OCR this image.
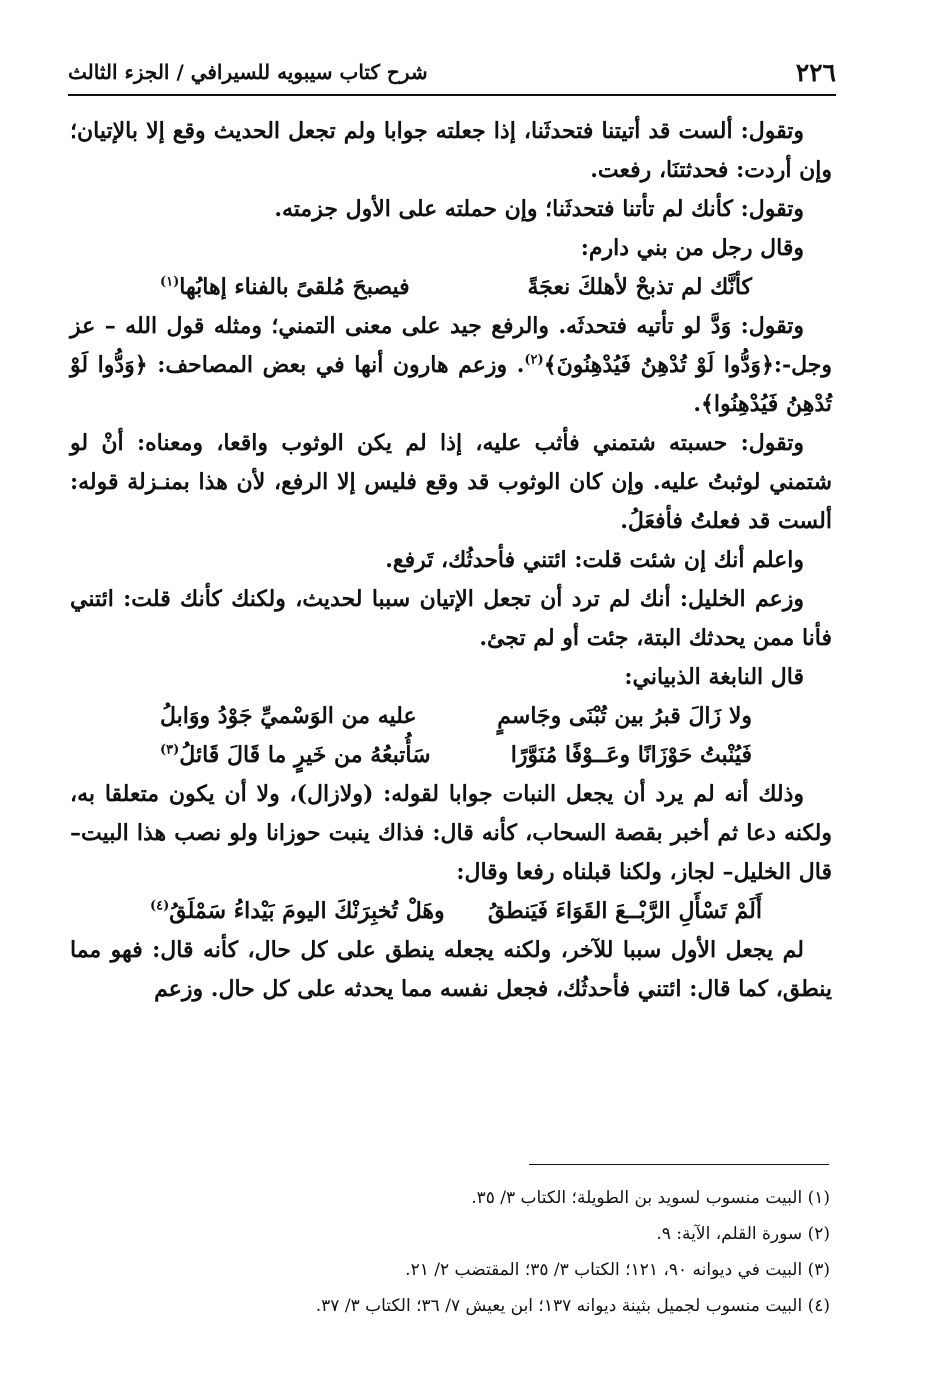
٢٢٦
شرح كتاب سيبويه للسيرافي / الجزء الثالث

وتقول: ألست قد أتيتنا فتحدثَنا، إذا جعلته جوابا ولم تجعل الحديث وقع إلا بالإتيان؛ وإن أردت: فحدثتنَا، رفعت.

وتقول: كأنك لم تأتنا فتحدثَنا؛ وإن حملته على الأول جزمته.

وقال رجل من بني دارم:

كأنَّك لم تذبحْ لأهلكَ نعجَةً
فيصبحَ مُلقىً بالفناء إهابُها$^{(١)}$

وتقول: وَدَّ لو تأتيه فتحدثَه. والرفع جيد على معنى التمني؛ ومثله قول الله – عز وجل-:﴿وَدُّوا لَوْ تُدْهِنُ فَيُدْهِنُونَ﴾$^{(٢)}$. وزعم هارون أنها في بعض المصاحف: ﴿وَدُّوا لَوْ تُدْهِنُ فَيُدْهِنُوا﴾.

وتقول: حسبته شتمني فأثب عليه، إذا لم يكن الوثوب واقعا، ومعناه: أنْ لو شتمني لوثبتُ عليه. وإن كان الوثوب قد وقع فليس إلا الرفع، لأن هذا بمنـزلة قوله: ألست قد فعلتُ فأفعَلُ.

واعلم أنك إن شئت قلت: ائتني فأحدثُك، تَرفع.

وزعم الخليل: أنك لم ترد أن تجعل الإتيان سببا لحديث، ولكنك كأنك قلت: ائتني فأنا ممن يحدثك البتة، جئت أو لم تجئ.

قال النابغة الذبياني:

ولا زَالَ قبرُ بين تُبْنَى وجَاسمٍ
عليه من الوَسْميِّ جَوْدُ ووَابلُ

فَيُنْبتُ حَوْزَانًا وعَــوْفًا مُنَوَّرًا
سَأُتبعُهُ من خَيرٍ ما قَالَ قَائلُ$^{(٣)}$

وذلك أنه لم يرد أن يجعل النبات جوابا لقوله: (ولازال)، ولا أن يكون متعلقا به، ولكنه دعا ثم أخبر بقصة السحاب، كأنه قال: فذاك ينبت حوزانا ولو نصب هذا البيت– قال الخليل– لجاز، ولكنا قبلناه رفعا وقال:

أَلَمْ تَسْأَلِ الرَّبْــعَ القَوَاءَ فَيَنطقُ
وهَلْ تُخبِرَنْكَ اليومَ بَيْداءُ سَمْلَقُ$^{(٤)}$

لم يجعل الأول سببا للآخر، ولكنه يجعله ينطق على كل حال، كأنه قال: فهو مما ينطق، كما قال: ائتني فأحدثُك، فجعل نفسه مما يحدثه على كل حال. وزعم

(١) البيت منسوب لسويد بن الطويلة؛ الكتاب ٣/ ٣٥.

(٢) سورة القلم، الآية: ٩.

(٣) البيت في ديوانه ٩٠، ١٢١؛ الكتاب ٣/ ٣٥؛ المقتضب ٢/ ٢١.

(٤) البيت منسوب لجميل بثينة ديوانه ١٣٧؛ ابن يعيش ٧/ ٣٦؛ الكتاب ٣/ ٣٧.
